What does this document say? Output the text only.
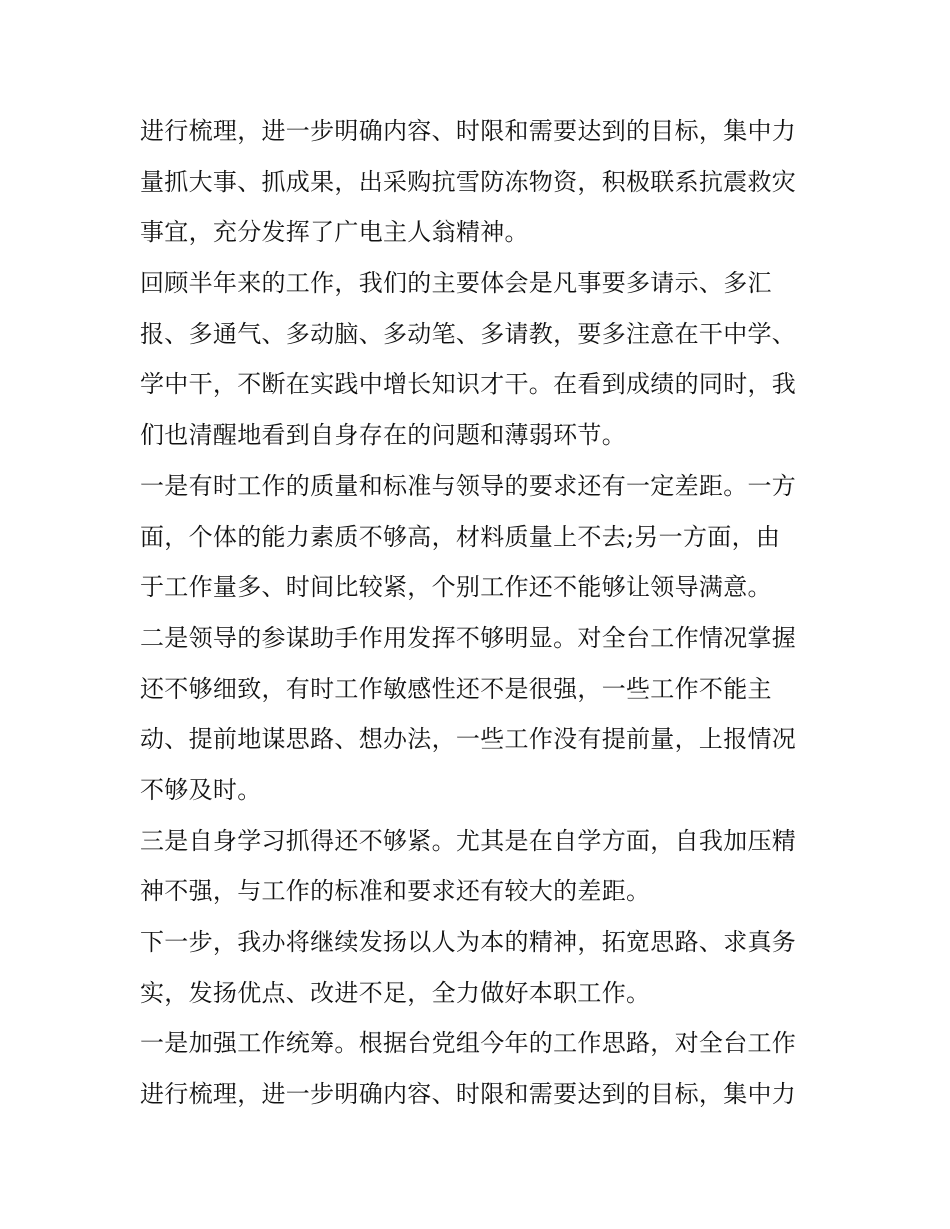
进行梳理，进一步明确内容、时限和需要达到的目标，集中力
量抓大事、抓成果，出采购抗雪防冻物资，积极联系抗震救灾
事宜，充分发挥了广电主人翁精神。
回顾半年来的工作，我们的主要体会是凡事要多请示、多汇
报、多通气、多动脑、多动笔、多请教，要多注意在干中学、
学中干，不断在实践中增长知识才干。在看到成绩的同时，我
们也清醒地看到自身存在的问题和薄弱环节。
一是有时工作的质量和标准与领导的要求还有一定差距。一方
面，个体的能力素质不够高，材料质量上不去;另一方面，由
于工作量多、时间比较紧，个别工作还不能够让领导满意。
二是领导的参谋助手作用发挥不够明显。对全台工作情况掌握
还不够细致，有时工作敏感性还不是很强，一些工作不能主
动、提前地谋思路、想办法，一些工作没有提前量，上报情况
不够及时。
三是自身学习抓得还不够紧。尤其是在自学方面，自我加压精
神不强，与工作的标准和要求还有较大的差距。
下一步，我办将继续发扬以人为本的精神，拓宽思路、求真务
实，发扬优点、改进不足，全力做好本职工作。
一是加强工作统筹。根据台党组今年的工作思路，对全台工作
进行梳理，进一步明确内容、时限和需要达到的目标，集中力
